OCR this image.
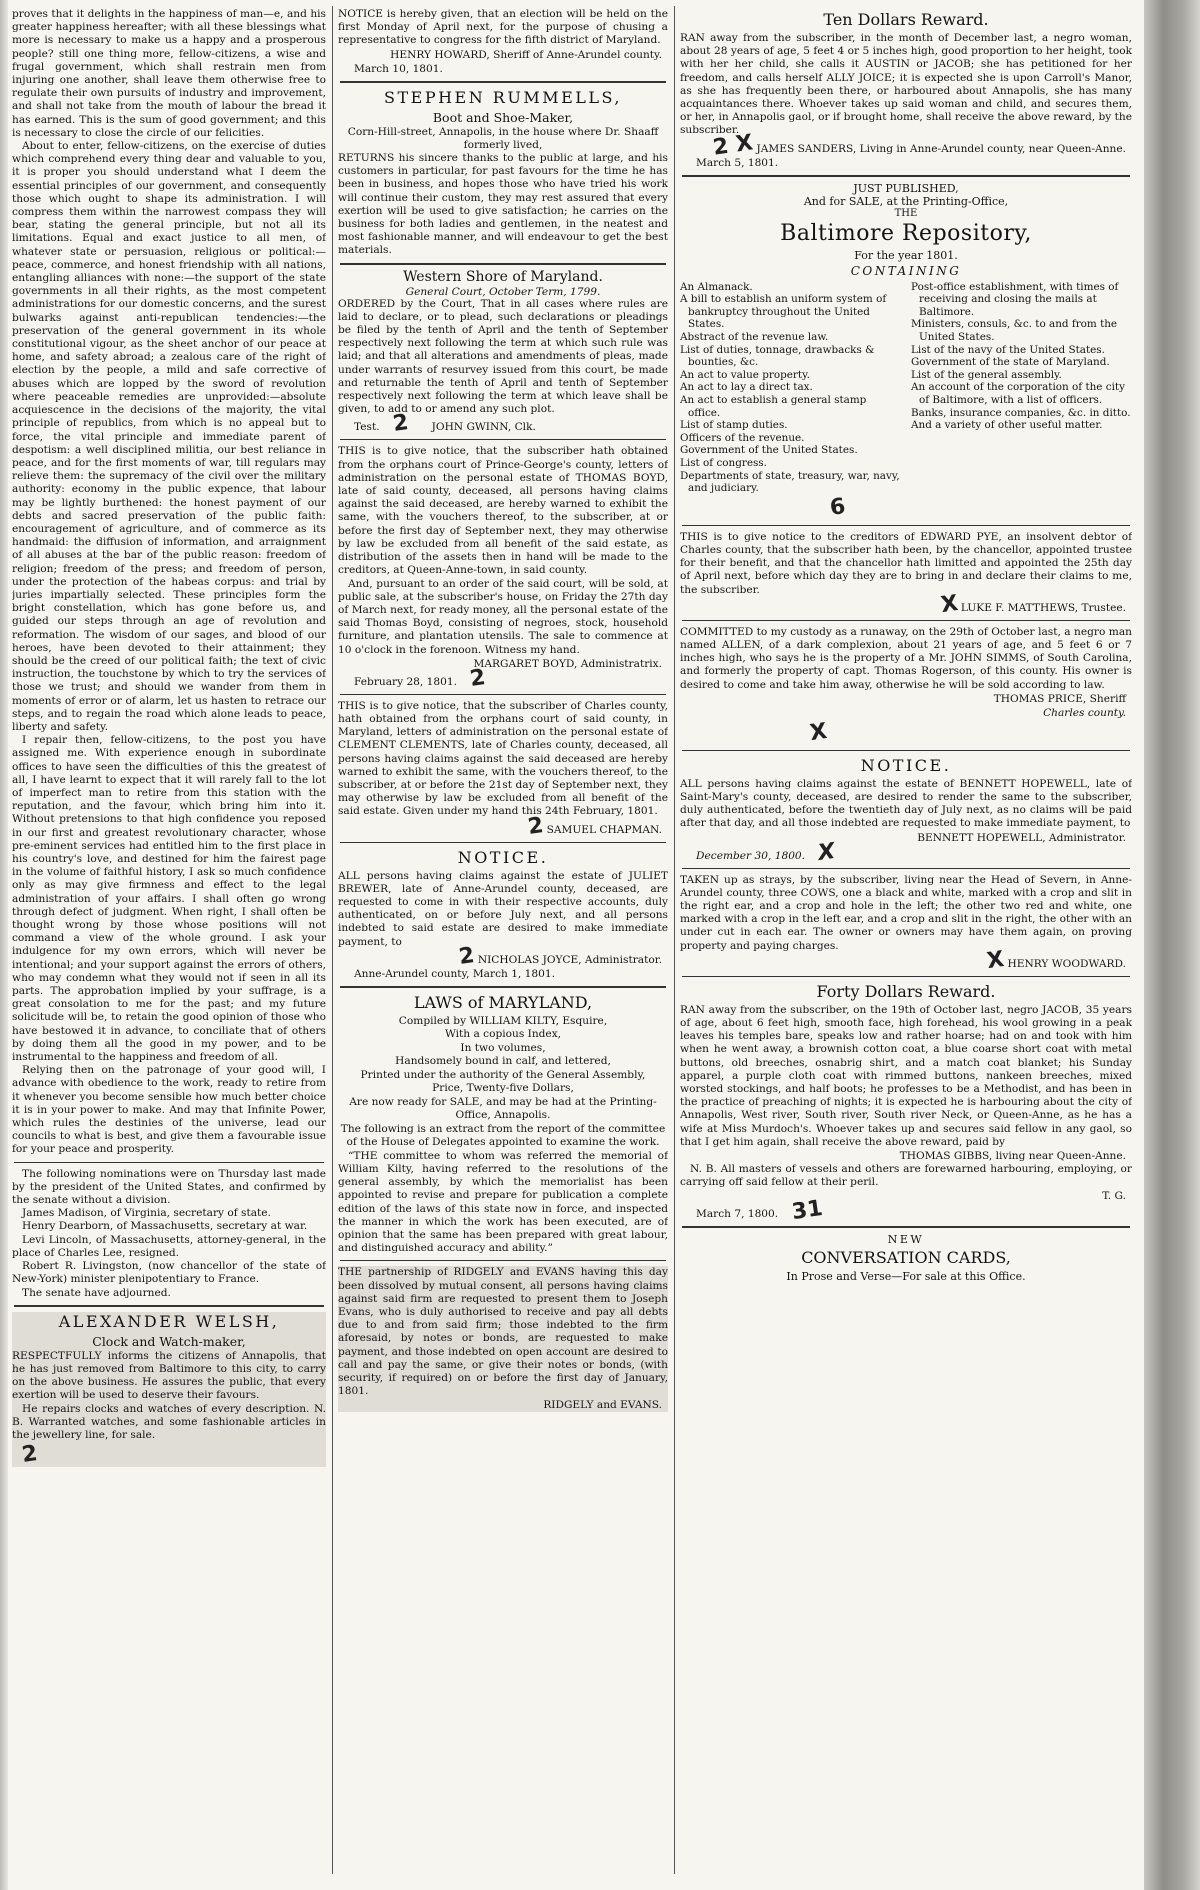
proves that it delights in the happiness of man—e, and his greater happiness hereafter; with all these blessings what more is necessary to make us a happy and a prosperous people? still one thing more, fellow-citizens, a wise and frugal government, which shall restrain men from injuring one another, shall leave them otherwise free to regulate their own pursuits of industry and improvement, and shall not take from the mouth of labour the bread it has earned. This is the sum of good government; and this is necessary to close the circle of our felicities.

About to enter, fellow-citizens, on the exercise of duties which comprehend every thing dear and valuable to you, it is proper you should understand what I deem the essential principles of our government, and consequently those which ought to shape its administration. I will compress them within the narrowest compass they will bear, stating the general principle, but not all its limitations. Equal and exact justice to all men, of whatever state or persuasion, religious or political:—peace, commerce, and honest friendship with all nations, entangling alliances with none:—the support of the state governments in all their rights, as the most competent administrations for our domestic concerns, and the surest bulwarks against anti-republican tendencies:—the preservation of the general government in its whole constitutional vigour, as the sheet anchor of our peace at home, and safety abroad; a zealous care of the right of election by the people, a mild and safe corrective of abuses which are lopped by the sword of revolution where peaceable remedies are unprovided:—absolute acquiescence in the decisions of the majority, the vital principle of republics, from which is no appeal but to force, the vital principle and immediate parent of despotism: a well disciplined militia, our best reliance in peace, and for the first moments of war, till regulars may relieve them: the supremacy of the civil over the military authority: economy in the public expence, that labour may be lightly burthened: the honest payment of our debts and sacred preservation of the public faith: encouragement of agriculture, and of commerce as its handmaid: the diffusion of information, and arraignment of all abuses at the bar of the public reason: freedom of religion; freedom of the press; and freedom of person, under the protection of the habeas corpus: and trial by juries impartially selected. These principles form the bright constellation, which has gone before us, and guided our steps through an age of revolution and reformation. The wisdom of our sages, and blood of our heroes, have been devoted to their attainment; they should be the creed of our political faith; the text of civic instruction, the touchstone by which to try the services of those we trust; and should we wander from them in moments of error or of alarm, let us hasten to retrace our steps, and to regain the road which alone leads to peace, liberty and safety.

I repair then, fellow-citizens, to the post you have assigned me. With experience enough in subordinate offices to have seen the difficulties of this the greatest of all, I have learnt to expect that it will rarely fall to the lot of imperfect man to retire from this station with the reputation, and the favour, which bring him into it. Without pretensions to that high confidence you reposed in our first and greatest revolutionary character, whose pre-eminent services had entitled him to the first place in his country's love, and destined for him the fairest page in the volume of faithful history, I ask so much confidence only as may give firmness and effect to the legal administration of your affairs. I shall often go wrong through defect of judgment. When right, I shall often be thought wrong by those whose positions will not command a view of the whole ground. I ask your indulgence for my own errors, which will never be intentional; and your support against the errors of others, who may condemn what they would not if seen in all its parts. The approbation implied by your suffrage, is a great consolation to me for the past; and my future solicitude will be, to retain the good opinion of those who have bestowed it in advance, to conciliate that of others by doing them all the good in my power, and to be instrumental to the happiness and freedom of all.

Relying then on the patronage of your good will, I advance with obedience to the work, ready to retire from it whenever you become sensible how much better choice it is in your power to make. And may that Infinite Power, which rules the destinies of the universe, lead our councils to what is best, and give them a favourable issue for your peace and prosperity.

The following nominations were on Thursday last made by the president of the United States, and confirmed by the senate without a division.

James Madison, of Virginia, secretary of state.

Henry Dearborn, of Massachusetts, secretary at war.

Levi Lincoln, of Massachusetts, attorney-general, in the place of Charles Lee, resigned.

Robert R. Livingston, (now chancellor of the state of New-York) minister plenipotentiary to France.

The senate have adjourned.

ALEXANDER WELSH,

Clock and Watch-maker,

RESPECTFULLY informs the citizens of Annapolis, that he has just removed from Baltimore to this city, to carry on the above business. He assures the public, that every exertion will be used to deserve their favours.

He repairs clocks and watches of every description. N. B. Warranted watches, and some fashionable articles in the jewellery line, for sale.

2

NOTICE is hereby given, that an election will be held on the first Monday of April next, for the purpose of chusing a representative to congress for the fifth district of Maryland.

HENRY HOWARD, Sheriff of Anne-Arundel county.

March 10, 1801.

STEPHEN RUMMELLS,

Boot and Shoe-Maker,

Corn-Hill-street, Annapolis, in the house where Dr. Shaaff formerly lived,

RETURNS his sincere thanks to the public at large, and his customers in particular, for past favours for the time he has been in business, and hopes those who have tried his work will continue their custom, they may rest assured that every exertion will be used to give satisfaction; he carries on the business for both ladies and gentlemen, in the neatest and most fashionable manner, and will endeavour to get the best materials.

Western Shore of Maryland.

General Court, October Term, 1799.

ORDERED by the Court, That in all cases where rules are laid to declare, or to plead, such declarations or pleadings be filed by the tenth of April and the tenth of September respectively next following the term at which such rule was laid; and that all alterations and amendments of pleas, made under warrants of resurvey issued from this court, be made and returnable the tenth of April and tenth of September respectively next following the term at which leave shall be given, to add to or amend any such plot.

Test. 2 JOHN GWINN, Clk.

THIS is to give notice, that the subscriber hath obtained from the orphans court of Prince-George's county, letters of administration on the personal estate of THOMAS BOYD, late of said county, deceased, all persons having claims against the said deceased, are hereby warned to exhibit the same, with the vouchers thereof, to the subscriber, at or before the first day of September next, they may otherwise by law be excluded from all benefit of the said estate, as distribution of the assets then in hand will be made to the creditors, at Queen-Anne-town, in said county.

And, pursuant to an order of the said court, will be sold, at public sale, at the subscriber's house, on Friday the 27th day of March next, for ready money, all the personal estate of the said Thomas Boyd, consisting of negroes, stock, household furniture, and plantation utensils. The sale to commence at 10 o'clock in the forenoon. Witness my hand.

MARGARET BOYD, Administratrix.

February 28, 1801. 2

THIS is to give notice, that the subscriber of Charles county, hath obtained from the orphans court of said county, in Maryland, letters of administration on the personal estate of CLEMENT CLEMENTS, late of Charles county, deceased, all persons having claims against the said deceased are hereby warned to exhibit the same, with the vouchers thereof, to the subscriber, at or before the 21st day of September next, they may otherwise by law be excluded from all benefit of the said estate. Given under my hand this 24th February, 1801.

2 SAMUEL CHAPMAN.

NOTICE.

ALL persons having claims against the estate of JULIET BREWER, late of Anne-Arundel county, deceased, are requested to come in with their respective accounts, duly authenticated, on or before July next, and all persons indebted to said estate are desired to make immediate payment, to

2 NICHOLAS JOYCE, Administrator.

Anne-Arundel county, March 1, 1801.

LAWS of MARYLAND,

Compiled by WILLIAM KILTY, Esquire,

With a copious Index,

In two volumes,

Handsomely bound in calf, and lettered,

Printed under the authority of the General Assembly,

Price, Twenty-five Dollars,

Are now ready for SALE, and may be had at the Printing-Office, Annapolis.

The following is an extract from the report of the committee of the House of Delegates appointed to examine the work.

“THE committee to whom was referred the memorial of William Kilty, having referred to the resolutions of the general assembly, by which the memorialist has been appointed to revise and prepare for publication a complete edition of the laws of this state now in force, and inspected the manner in which the work has been executed, are of opinion that the same has been prepared with great labour, and distinguished accuracy and ability.”

THE partnership of RIDGELY and EVANS having this day been dissolved by mutual consent, all persons having claims against said firm are requested to present them to Joseph Evans, who is duly authorised to receive and pay all debts due to and from said firm; those indebted to the firm aforesaid, by notes or bonds, are requested to make payment, and those indebted on open account are desired to call and pay the same, or give their notes or bonds, (with security, if required) on or before the first day of January, 1801.

RIDGELY and EVANS.

Ten Dollars Reward.

RAN away from the subscriber, in the month of December last, a negro woman, about 28 years of age, 5 feet 4 or 5 inches high, good proportion to her height, took with her her child, she calls it AUSTIN or JACOB; she has petitioned for her freedom, and calls herself ALLY JOICE; it is expected she is upon Carroll's Manor, as she has frequently been there, or harboured about Annapolis, she has many acquaintances there. Whoever takes up said woman and child, and secures them, or her, in Annapolis gaol, or if brought home, shall receive the above reward, by the subscriber.

2 X JAMES SANDERS, Living in Anne-Arundel county, near Queen-Anne.

March 5, 1801.

JUST PUBLISHED,

And for SALE, at the Printing-Office,

THE

Baltimore Repository,

For the year 1801.

CONTAINING

An Almanack.
A bill to establish an uniform system of bankruptcy throughout the United States.
Abstract of the revenue law.
List of duties, tonnage, drawbacks & bounties, &c.
An act to value property.
An act to lay a direct tax.
An act to establish a general stamp office.
List of stamp duties.
Officers of the revenue.
Government of the United States.
List of congress.
Departments of state, treasury, war, navy, and judiciary.
Post-office establishment, with times of receiving and closing the mails at Baltimore.
Ministers, consuls, &c. to and from the United States.
List of the navy of the United States.
Government of the state of Maryland.
List of the general assembly.
An account of the corporation of the city of Baltimore, with a list of officers.
Banks, insurance companies, &c. in ditto.
And a variety of other useful matter.
6

THIS is to give notice to the creditors of EDWARD PYE, an insolvent debtor of Charles county, that the subscriber hath been, by the chancellor, appointed trustee for their benefit, and that the chancellor hath limitted and appointed the 25th day of April next, before which day they are to bring in and declare their claims to me, the subscriber.

X LUKE F. MATTHEWS, Trustee.

COMMITTED to my custody as a runaway, on the 29th of October last, a negro man named ALLEN, of a dark complexion, about 21 years of age, and 5 feet 6 or 7 inches high, who says he is the property of a Mr. JOHN SIMMS, of South Carolina, and formerly the property of capt. Thomas Rogerson, of this county. His owner is desired to come and take him away, otherwise he will be sold according to law.

THOMAS PRICE, Sheriff

Charles county.

X

NOTICE.

ALL persons having claims against the estate of BENNETT HOPEWELL, late of Saint-Mary's county, deceased, are desired to render the same to the subscriber, duly authenticated, before the twentieth day of July next, as no claims will be paid after that day, and all those indebted are requested to make immediate payment, to

BENNETT HOPEWELL, Administrator.

December 30, 1800. X

TAKEN up as strays, by the subscriber, living near the Head of Severn, in Anne-Arundel county, three COWS, one a black and white, marked with a crop and slit in the right ear, and a crop and hole in the left; the other two red and white, one marked with a crop in the left ear, and a crop and slit in the right, the other with an under cut in each ear. The owner or owners may have them again, on proving property and paying charges.

X HENRY WOODWARD.

Forty Dollars Reward.

RAN away from the subscriber, on the 19th of October last, negro JACOB, 35 years of age, about 6 feet high, smooth face, high forehead, his wool growing in a peak leaves his temples bare, speaks low and rather hoarse; had on and took with him when he went away, a brownish cotton coat, a blue coarse short coat with metal buttons, old breeches, osnabrig shirt, and a match coat blanket; his Sunday apparel, a purple cloth coat with rimmed buttons, nankeen breeches, mixed worsted stockings, and half boots; he professes to be a Methodist, and has been in the practice of preaching of nights; it is expected he is harbouring about the city of Annapolis, West river, South river, South river Neck, or Queen-Anne, as he has a wife at Miss Murdoch's. Whoever takes up and secures said fellow in any gaol, so that I get him again, shall receive the above reward, paid by

THOMAS GIBBS, living near Queen-Anne.

N. B. All masters of vessels and others are forewarned harbouring, employing, or carrying off said fellow at their peril.

T. G.

March 7, 1800. 31

NEW

CONVERSATION CARDS,

In Prose and Verse—For sale at this Office.
